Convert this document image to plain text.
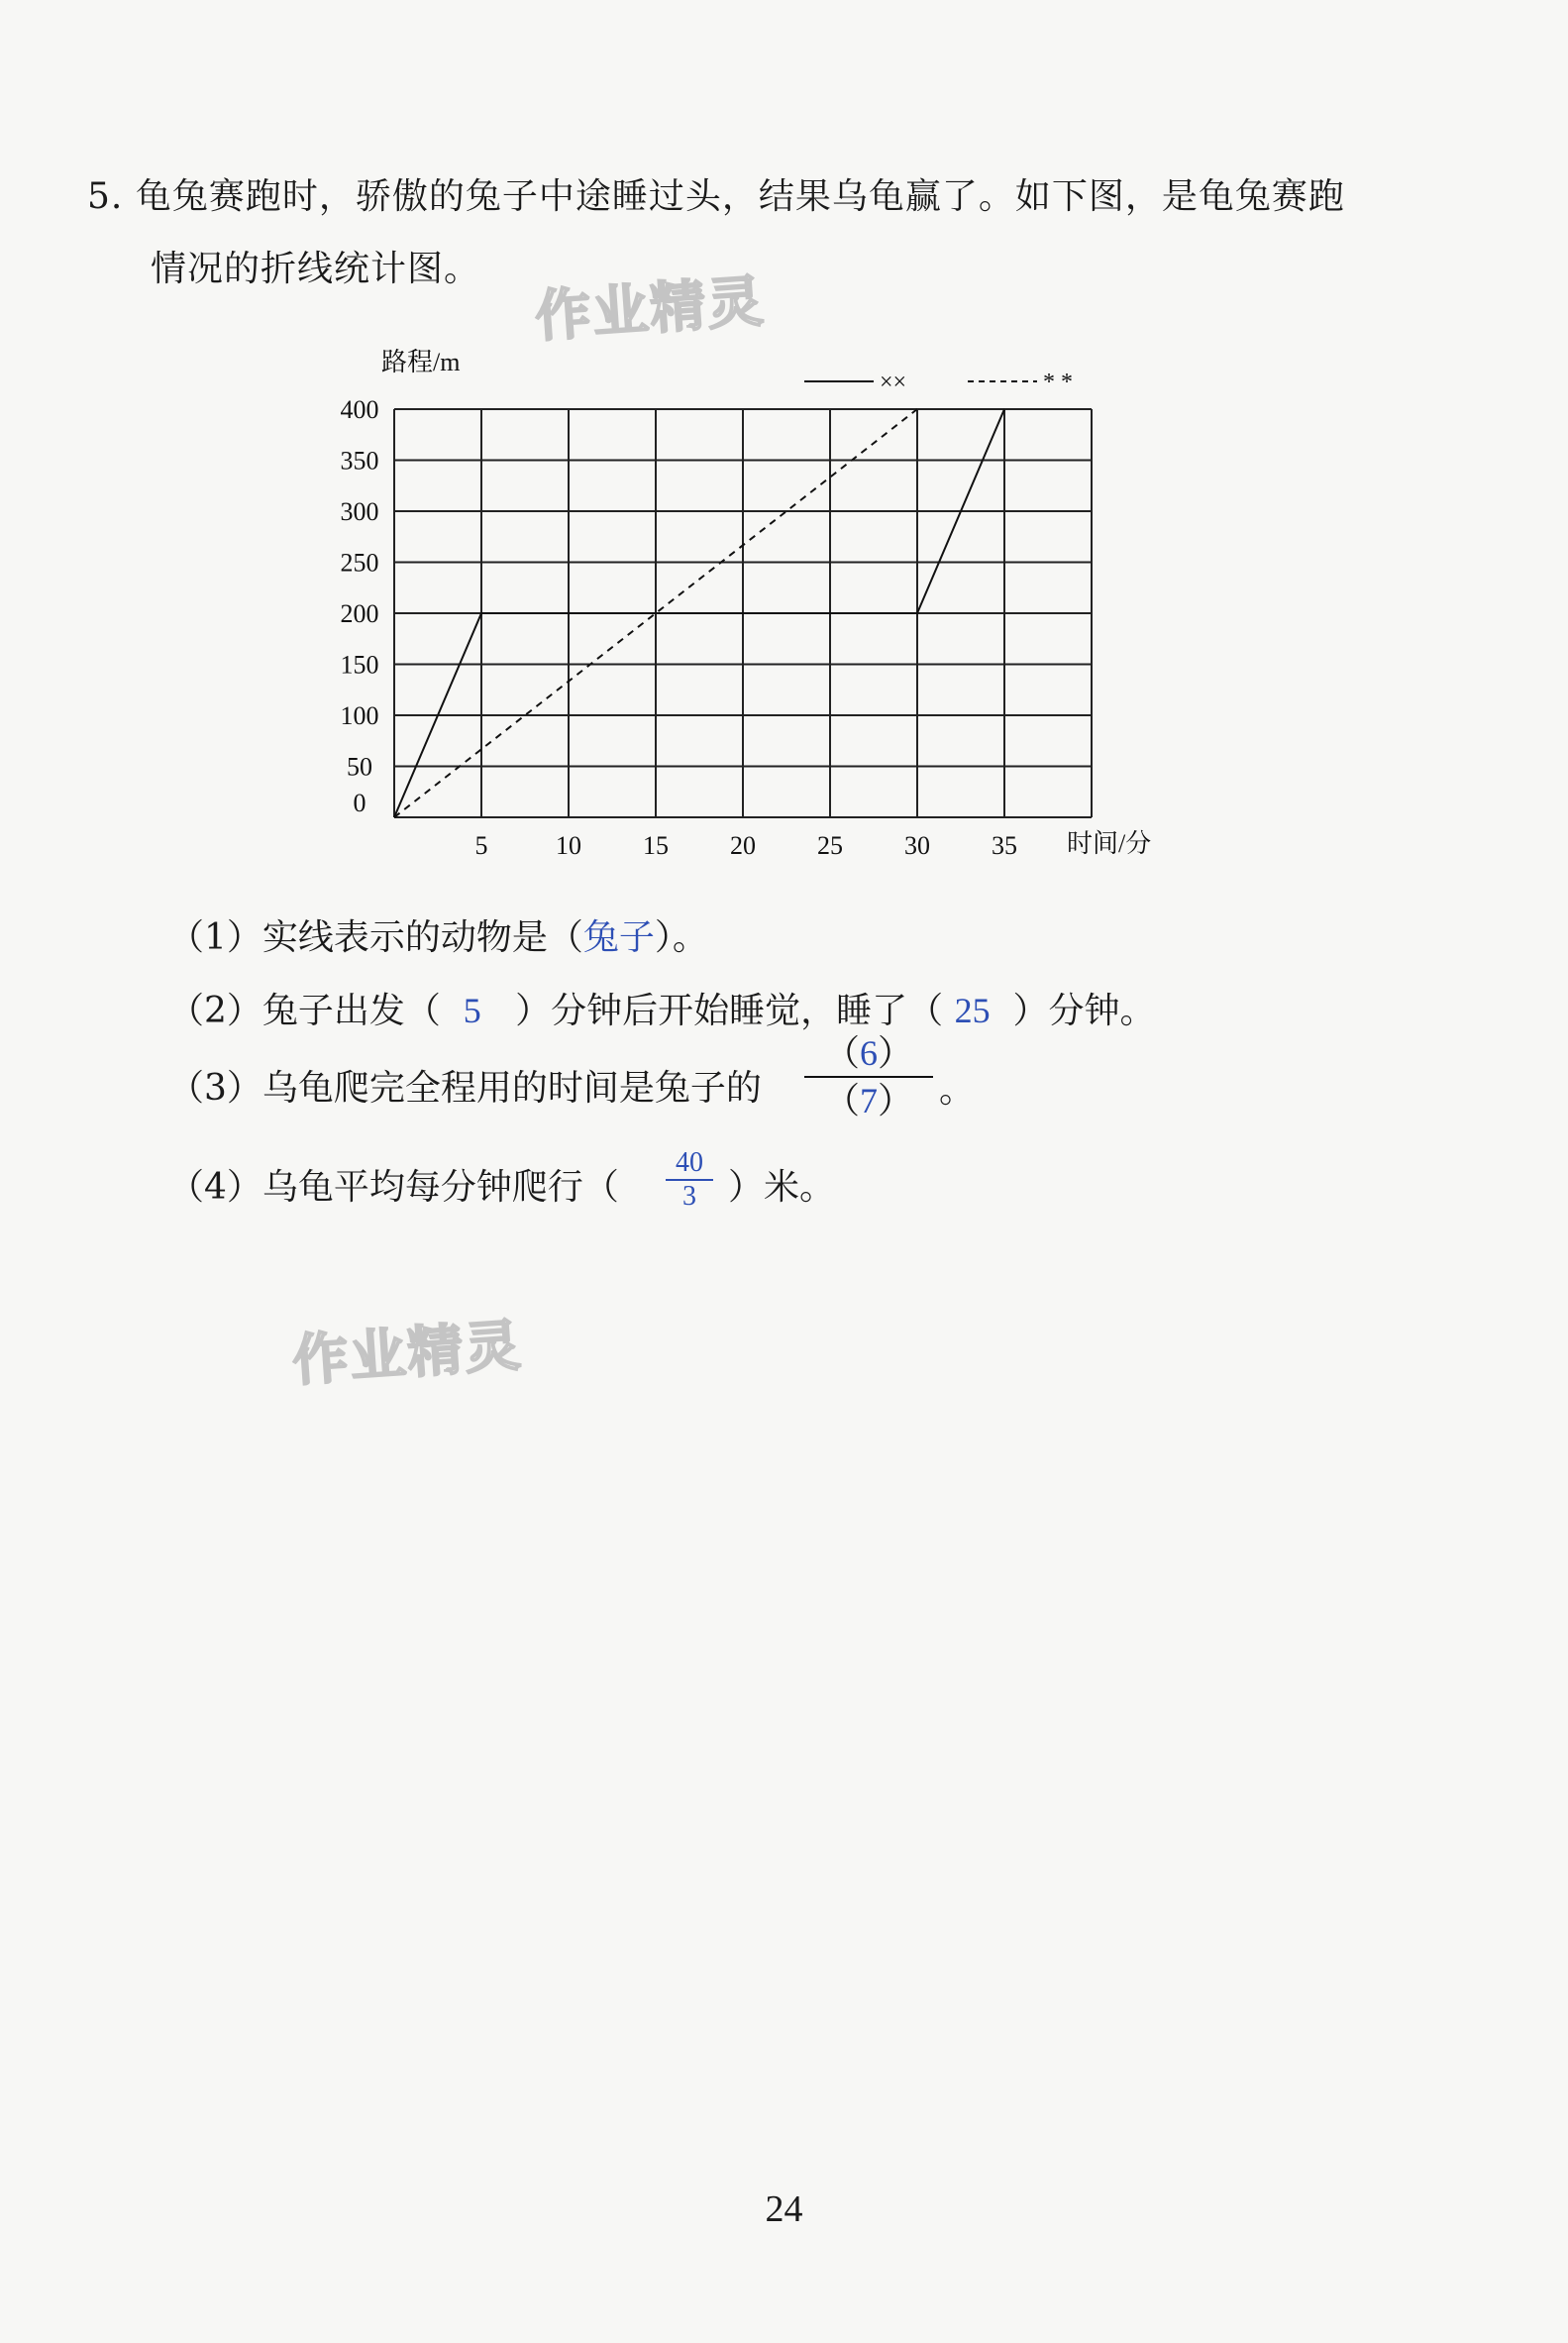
5. 龟兔赛跑时，骄傲的兔子中途睡过头，结果乌龟赢了。如下图，是龟兔赛跑
情况的折线统计图。
作业精灵
作业精灵
路程/m
时间/分
××	* *
5	10 15 20 25 30 35
400
350
300
250
200
150
100
50
0
（1）实线表示的动物是（兔子）。
（2）兔子出发（ 5 ）分钟后开始睡觉，睡了（ 25 ）分钟。
（3）乌龟爬完全程用的时间是兔子的
（6）
（7） 。
（4）乌龟平均每分钟爬行（
40
3 ）米。
24
